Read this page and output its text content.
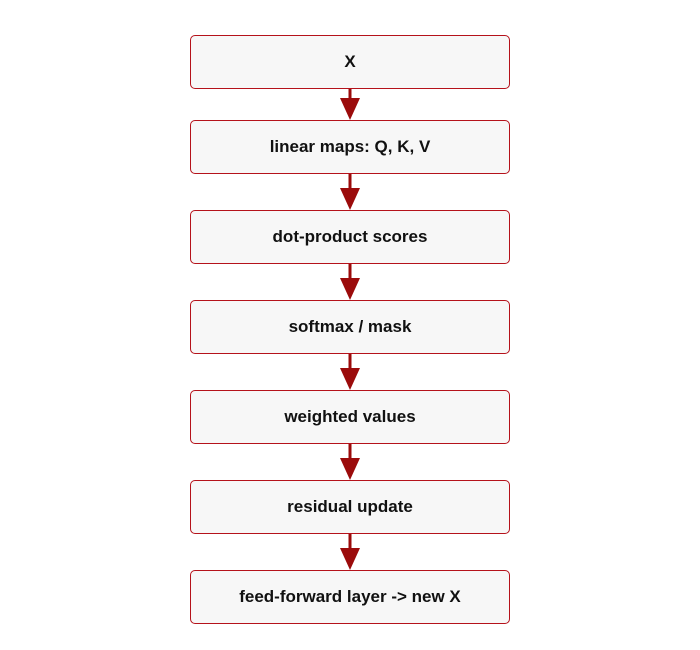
X
linear maps: Q, K, V
dot-product scores
softmax / mask
weighted values
residual update
feed-forward layer -> new X
